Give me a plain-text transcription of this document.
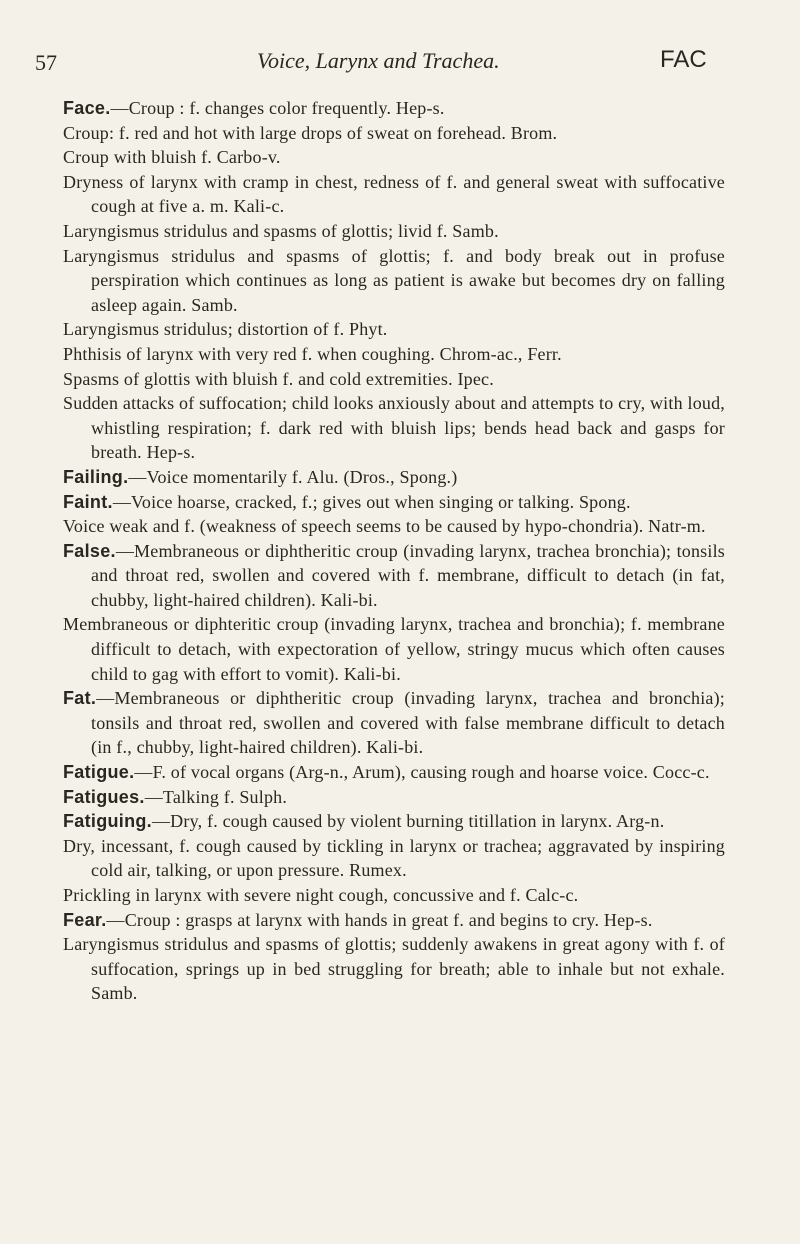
57	Voice, Larynx and Trachea.	FAC

Face.—Croup : f. changes color frequently. Hep-s.

Croup: f. red and hot with large drops of sweat on forehead. Brom.

Croup with bluish f. Carbo-v.

Dryness of larynx with cramp in chest, redness of f. and general sweat with suffocative cough at five a. m. Kali-c.

Laryngismus stridulus and spasms of glottis; livid f. Samb.

Laryngismus stridulus and spasms of glottis; f. and body break out in profuse perspiration which continues as long as patient is awake but becomes dry on falling asleep again. Samb.

Laryngismus stridulus; distortion of f. Phyt.

Phthisis of larynx with very red f. when coughing. Chrom-ac., Ferr.

Spasms of glottis with bluish f. and cold extremities. Ipec.

Sudden attacks of suffocation; child looks anxiously about and attempts to cry, with loud, whistling respiration; f. dark red with bluish lips; bends head back and gasps for breath. Hep-s.

Failing.—Voice momentarily f. Alu. (Dros., Spong.)

Faint.—Voice hoarse, cracked, f.; gives out when singing or talking. Spong.

Voice weak and f. (weakness of speech seems to be caused by hypo-chondria). Natr-m.

False.—Membraneous or diphtheritic croup (invading larynx, trachea bronchia); tonsils and throat red, swollen and covered with f. membrane, difficult to detach (in fat, chubby, light-haired children). Kali-bi.

Membraneous or diphteritic croup (invading larynx, trachea and bronchia); f. membrane difficult to detach, with expectoration of yellow, stringy mucus which often causes child to gag with effort to vomit). Kali-bi.

Fat.—Membraneous or diphtheritic croup (invading larynx, trachea and bronchia); tonsils and throat red, swollen and covered with false membrane difficult to detach (in f., chubby, light-haired children). Kali-bi.

Fatigue.—F. of vocal organs (Arg-n., Arum), causing rough and hoarse voice. Cocc-c.

Fatigues.—Talking f. Sulph.

Fatiguing.—Dry, f. cough caused by violent burning titillation in larynx. Arg-n.

Dry, incessant, f. cough caused by tickling in larynx or trachea; aggravated by inspiring cold air, talking, or upon pressure. Rumex.

Prickling in larynx with severe night cough, concussive and f. Calc-c.

Fear.—Croup : grasps at larynx with hands in great f. and begins to cry. Hep-s.

Laryngismus stridulus and spasms of glottis; suddenly awakens in great agony with f. of suffocation, springs up in bed struggling for breath; able to inhale but not exhale. Samb.
